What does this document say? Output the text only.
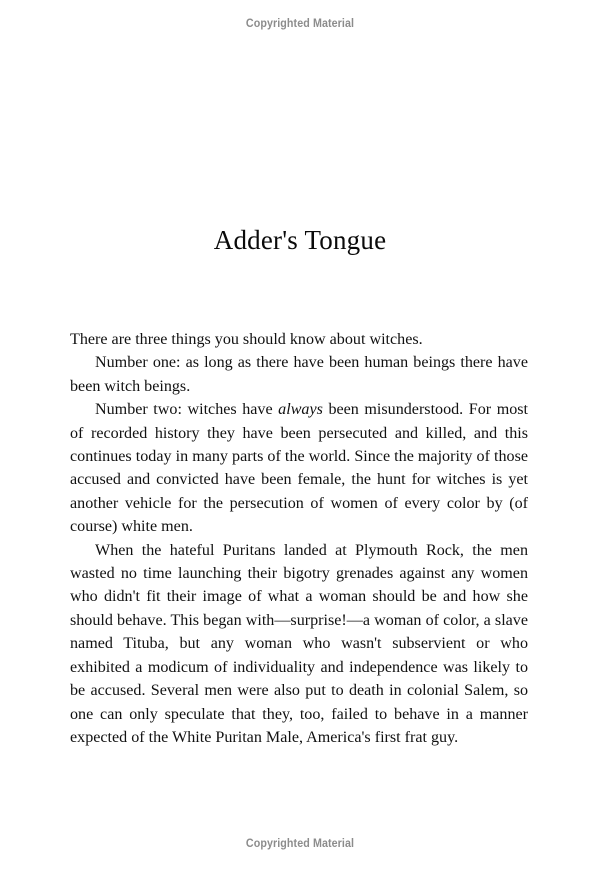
Copyrighted Material
Adder's Tongue

There are three things you should know about witches.

Number one: as long as there have been human beings there have been witch beings.

Number two: witches have always been misunderstood. For most of recorded history they have been persecuted and killed, and this continues today in many parts of the world. Since the majority of those accused and convicted have been female, the hunt for witches is yet another vehicle for the persecution of women of every color by (of course) white men.

When the hateful Puritans landed at Plymouth Rock, the men wasted no time launching their bigotry grenades against any women who didn't fit their image of what a woman should be and how she should behave. This began with—surprise!—a woman of color, a slave named Tituba, but any woman who wasn't subservient or who exhibited a modicum of individuality and independence was likely to be accused. Several men were also put to death in colonial Salem, so one can only speculate that they, too, failed to behave in a manner expected of the White Puritan Male, America's first frat guy.

Copyrighted Material
